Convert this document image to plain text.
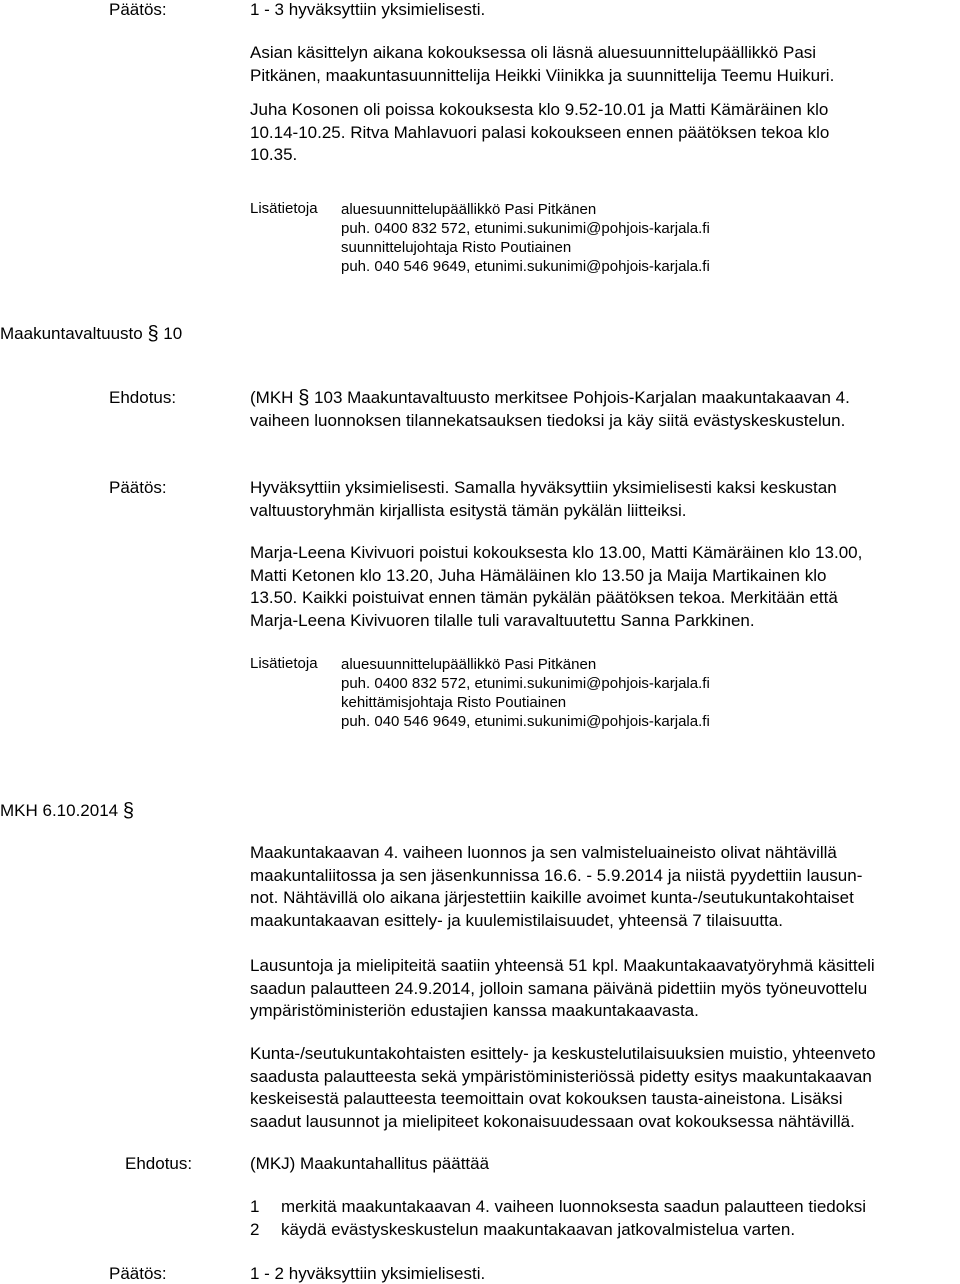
Päätös:	1 - 3 hyväksyttiin yksimielisesti.
Asian käsittelyn aikana kokouksessa oli läsnä aluesuunnittelupäällikkö Pasi
Pitkänen, maakuntasuunnittelija Heikki Viinikka ja suunnittelija Teemu Huikuri.
Juha Kosonen oli poissa kokouksesta klo 9.52-10.01 ja Matti Kämäräinen klo
10.14-10.25. Ritva Mahlavuori palasi kokoukseen ennen päätöksen tekoa klo
10.35.
Lisätietoja aluesuunnittelupäällikkö Pasi Pitkänen
puh. 0400 832 572, etunimi.sukunimi@pohjois-karjala.fi
suunnittelujohtaja Risto Poutiainen
puh. 040 546 9649, etunimi.sukunimi@pohjois-karjala.fi
Maakuntavaltuusto § 10
Ehdotus:	(MKH § 103 Maakuntavaltuusto merkitsee Pohjois-Karjalan maakuntakaavan 4.
vaiheen luonnoksen tilannekatsauksen tiedoksi ja käy siitä evästyskeskustelun.
Päätös:	Hyväksyttiin yksimielisesti. Samalla hyväksyttiin yksimielisesti kaksi keskustan
valtuustoryhmän kirjallista esitystä tämän pykälän liitteiksi.
Marja-Leena Kivivuori poistui kokouksesta klo 13.00, Matti Kämäräinen klo 13.00,
Matti Ketonen klo 13.20, Juha Hämäläinen klo 13.50 ja Maija Martikainen klo
13.50. Kaikki poistuivat ennen tämän pykälän päätöksen tekoa. Merkitään että
Marja-Leena Kivivuoren tilalle tuli varavaltuutettu Sanna Parkkinen.
Lisätietoja aluesuunnittelupäällikkö Pasi Pitkänen
puh. 0400 832 572, etunimi.sukunimi@pohjois-karjala.fi
kehittämisjohtaja Risto Poutiainen
puh. 040 546 9649, etunimi.sukunimi@pohjois-karjala.fi
MKH 6.10.2014 §
Maakuntakaavan 4. vaiheen luonnos ja sen valmisteluaineisto olivat nähtävillä
maakuntaliitossa ja sen jäsenkunnissa 16.6. - 5.9.2014 ja niistä pyydettiin lausun-
not. Nähtävillä olo aikana järjestettiin kaikille avoimet kunta-/seutukuntakohtaiset
maakuntakaavan esittely- ja kuulemistilaisuudet, yhteensä 7 tilaisuutta.
Lausuntoja ja mielipiteitä saatiin yhteensä 51 kpl. Maakuntakaavatyöryhmä käsitteli
saadun palautteen 24.9.2014, jolloin samana päivänä pidettiin myös työneuvottelu
ympäristöministeriön edustajien kanssa maakuntakaavasta.
Kunta-/seutukuntakohtaisten esittely- ja keskustelutilaisuuksien muistio, yhteenveto
saadusta palautteesta sekä ympäristöministeriössä pidetty esitys maakuntakaavan
keskeisestä palautteesta teemoittain ovat kokouksen tausta-aineistona. Lisäksi
saadut lausunnot ja mielipiteet kokonaisuudessaan ovat kokouksessa nähtävillä.
Ehdotus:	(MKJ) Maakuntahallitus päättää
1 merkitä maakuntakaavan 4. vaiheen luonnoksesta saadun palautteen tiedoksi
2 käydä evästyskeskustelun maakuntakaavan jatkovalmistelua varten.
Päätös:	1 - 2 hyväksyttiin yksimielisesti.
